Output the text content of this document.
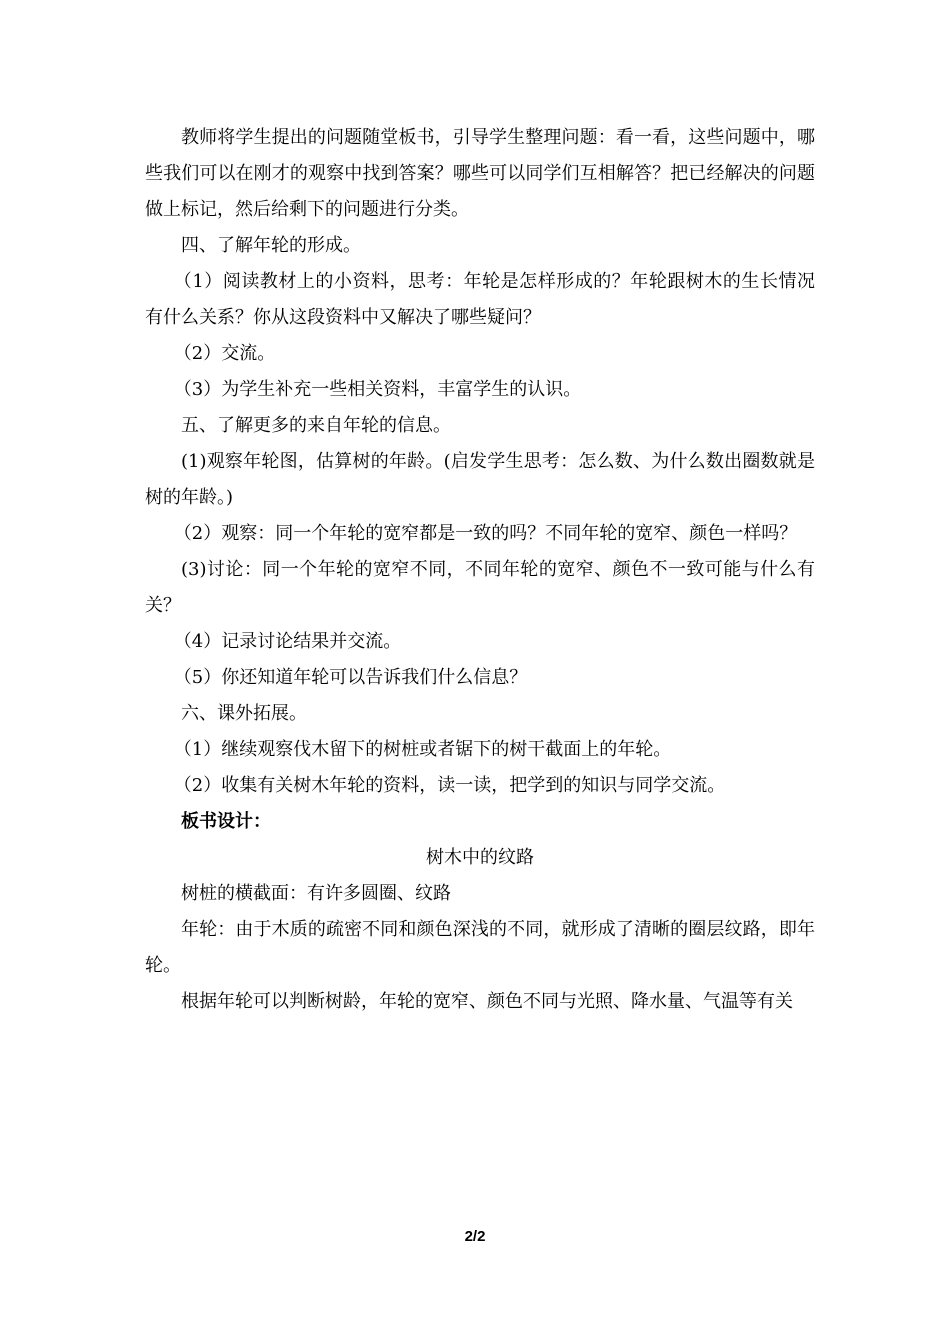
教师将学生提出的问题随堂板书，引导学生整理问题：看一看，这些问题中，哪些我们可以在刚才的观察中找到答案？哪些可以同学们互相解答？把已经解决的问题做上标记，然后给剩下的问题进行分类。

四、了解年轮的形成。

（1）阅读教材上的小资料，思考：年轮是怎样形成的？年轮跟树木的生长情况有什么关系？你从这段资料中又解决了哪些疑问？

（2）交流。

（3）为学生补充一些相关资料，丰富学生的认识。

五、了解更多的来自年轮的信息。

(1)观察年轮图，估算树的年龄。(启发学生思考：怎么数、为什么数出圈数就是树的年龄。)

（2）观察：同一个年轮的宽窄都是一致的吗？不同年轮的宽窄、颜色一样吗？

(3)讨论：同一个年轮的宽窄不同，不同年轮的宽窄、颜色不一致可能与什么有关？

（4）记录讨论结果并交流。

（5）你还知道年轮可以告诉我们什么信息？

六、课外拓展。

（1）继续观察伐木留下的树桩或者锯下的树干截面上的年轮。

（2）收集有关树木年轮的资料，读一读，把学到的知识与同学交流。

板书设计：

树木中的纹路

树桩的横截面：有许多圆圈、纹路

年轮：由于木质的疏密不同和颜色深浅的不同，就形成了清晰的圈层纹路，即年轮。

根据年轮可以判断树龄，年轮的宽窄、颜色不同与光照、降水量、气温等有关

2/2
